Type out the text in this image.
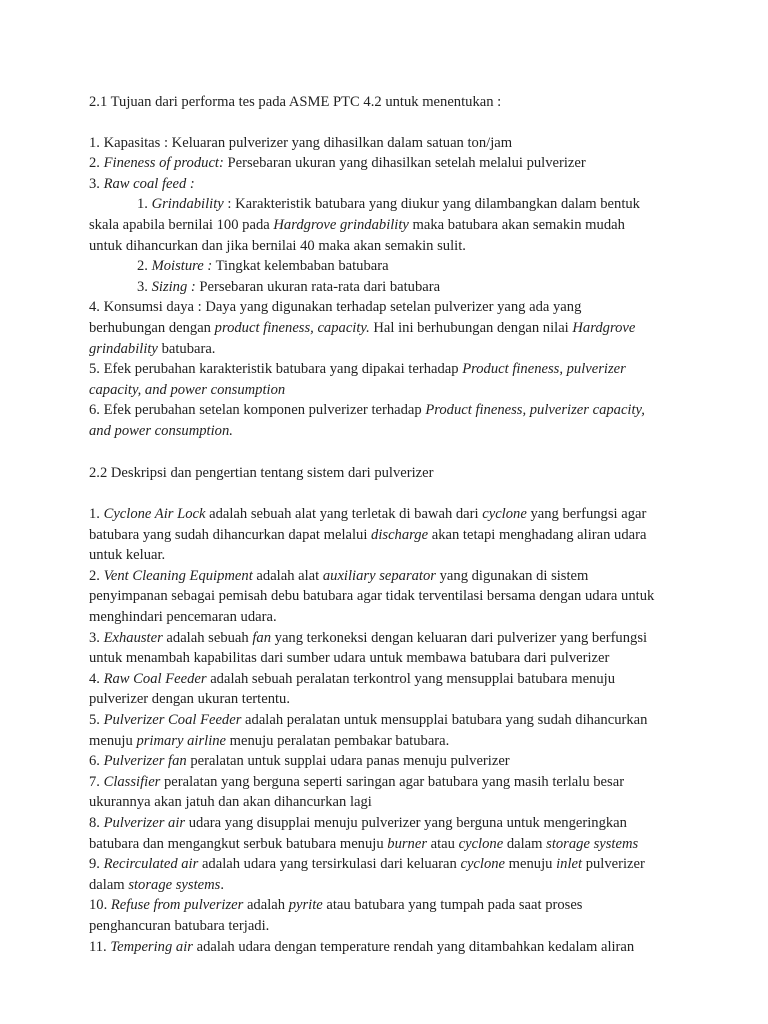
2.1 Tujuan dari performa tes pada ASME PTC 4.2 untuk menentukan :
1. Kapasitas : Keluaran pulverizer yang dihasilkan dalam satuan ton/jam
2. Fineness of product: Persebaran ukuran yang dihasilkan setelah melalui pulverizer
3. Raw coal feed :
1. Grindability : Karakteristik batubara yang diukur yang dilambangkan dalam bentuk
skala apabila bernilai 100 pada Hardgrove grindability maka batubara akan semakin mudah
untuk dihancurkan dan jika bernilai 40 maka akan semakin sulit.
2. Moisture : Tingkat kelembaban batubara
3. Sizing : Persebaran ukuran rata-rata dari batubara
4. Konsumsi daya : Daya yang digunakan terhadap setelan pulverizer yang ada yang
berhubungan dengan product fineness, capacity. Hal ini berhubungan dengan nilai Hardgrove
grindability batubara.
5. Efek perubahan karakteristik batubara yang dipakai terhadap Product fineness, pulverizer
capacity, and power consumption
6. Efek perubahan setelan komponen pulverizer terhadap Product fineness, pulverizer capacity,
and power consumption.
2.2 Deskripsi dan pengertian tentang sistem dari pulverizer
1. Cyclone Air Lock adalah sebuah alat yang terletak di bawah dari cyclone yang berfungsi agar
batubara yang sudah dihancurkan dapat melalui discharge akan tetapi menghadang aliran udara
untuk keluar.
2. Vent Cleaning Equipment adalah alat auxiliary separator yang digunakan di sistem
penyimpanan sebagai pemisah debu batubara agar tidak terventilasi bersama dengan udara untuk
menghindari pencemaran udara.
3. Exhauster adalah sebuah fan yang terkoneksi dengan keluaran dari pulverizer yang berfungsi
untuk menambah kapabilitas dari sumber udara untuk membawa batubara dari pulverizer
4. Raw Coal Feeder adalah sebuah peralatan terkontrol yang mensupplai batubara menuju
pulverizer dengan ukuran tertentu.
5. Pulverizer Coal Feeder adalah peralatan untuk mensupplai batubara yang sudah dihancurkan
menuju primary airline menuju peralatan pembakar batubara.
6. Pulverizer fan peralatan untuk supplai udara panas menuju pulverizer
7. Classifier peralatan yang berguna seperti saringan agar batubara yang masih terlalu besar
ukurannya akan jatuh dan akan dihancurkan lagi
8. Pulverizer air udara yang disupplai menuju pulverizer yang berguna untuk mengeringkan
batubara dan mengangkut serbuk batubara menuju burner atau cyclone dalam storage systems
9. Recirculated air adalah udara yang tersirkulasi dari keluaran cyclone menuju inlet pulverizer
dalam storage systems.
10. Refuse from pulverizer adalah pyrite atau batubara yang tumpah pada saat proses
penghancuran batubara terjadi.
11. Tempering air adalah udara dengan temperature rendah yang ditambahkan kedalam aliran
